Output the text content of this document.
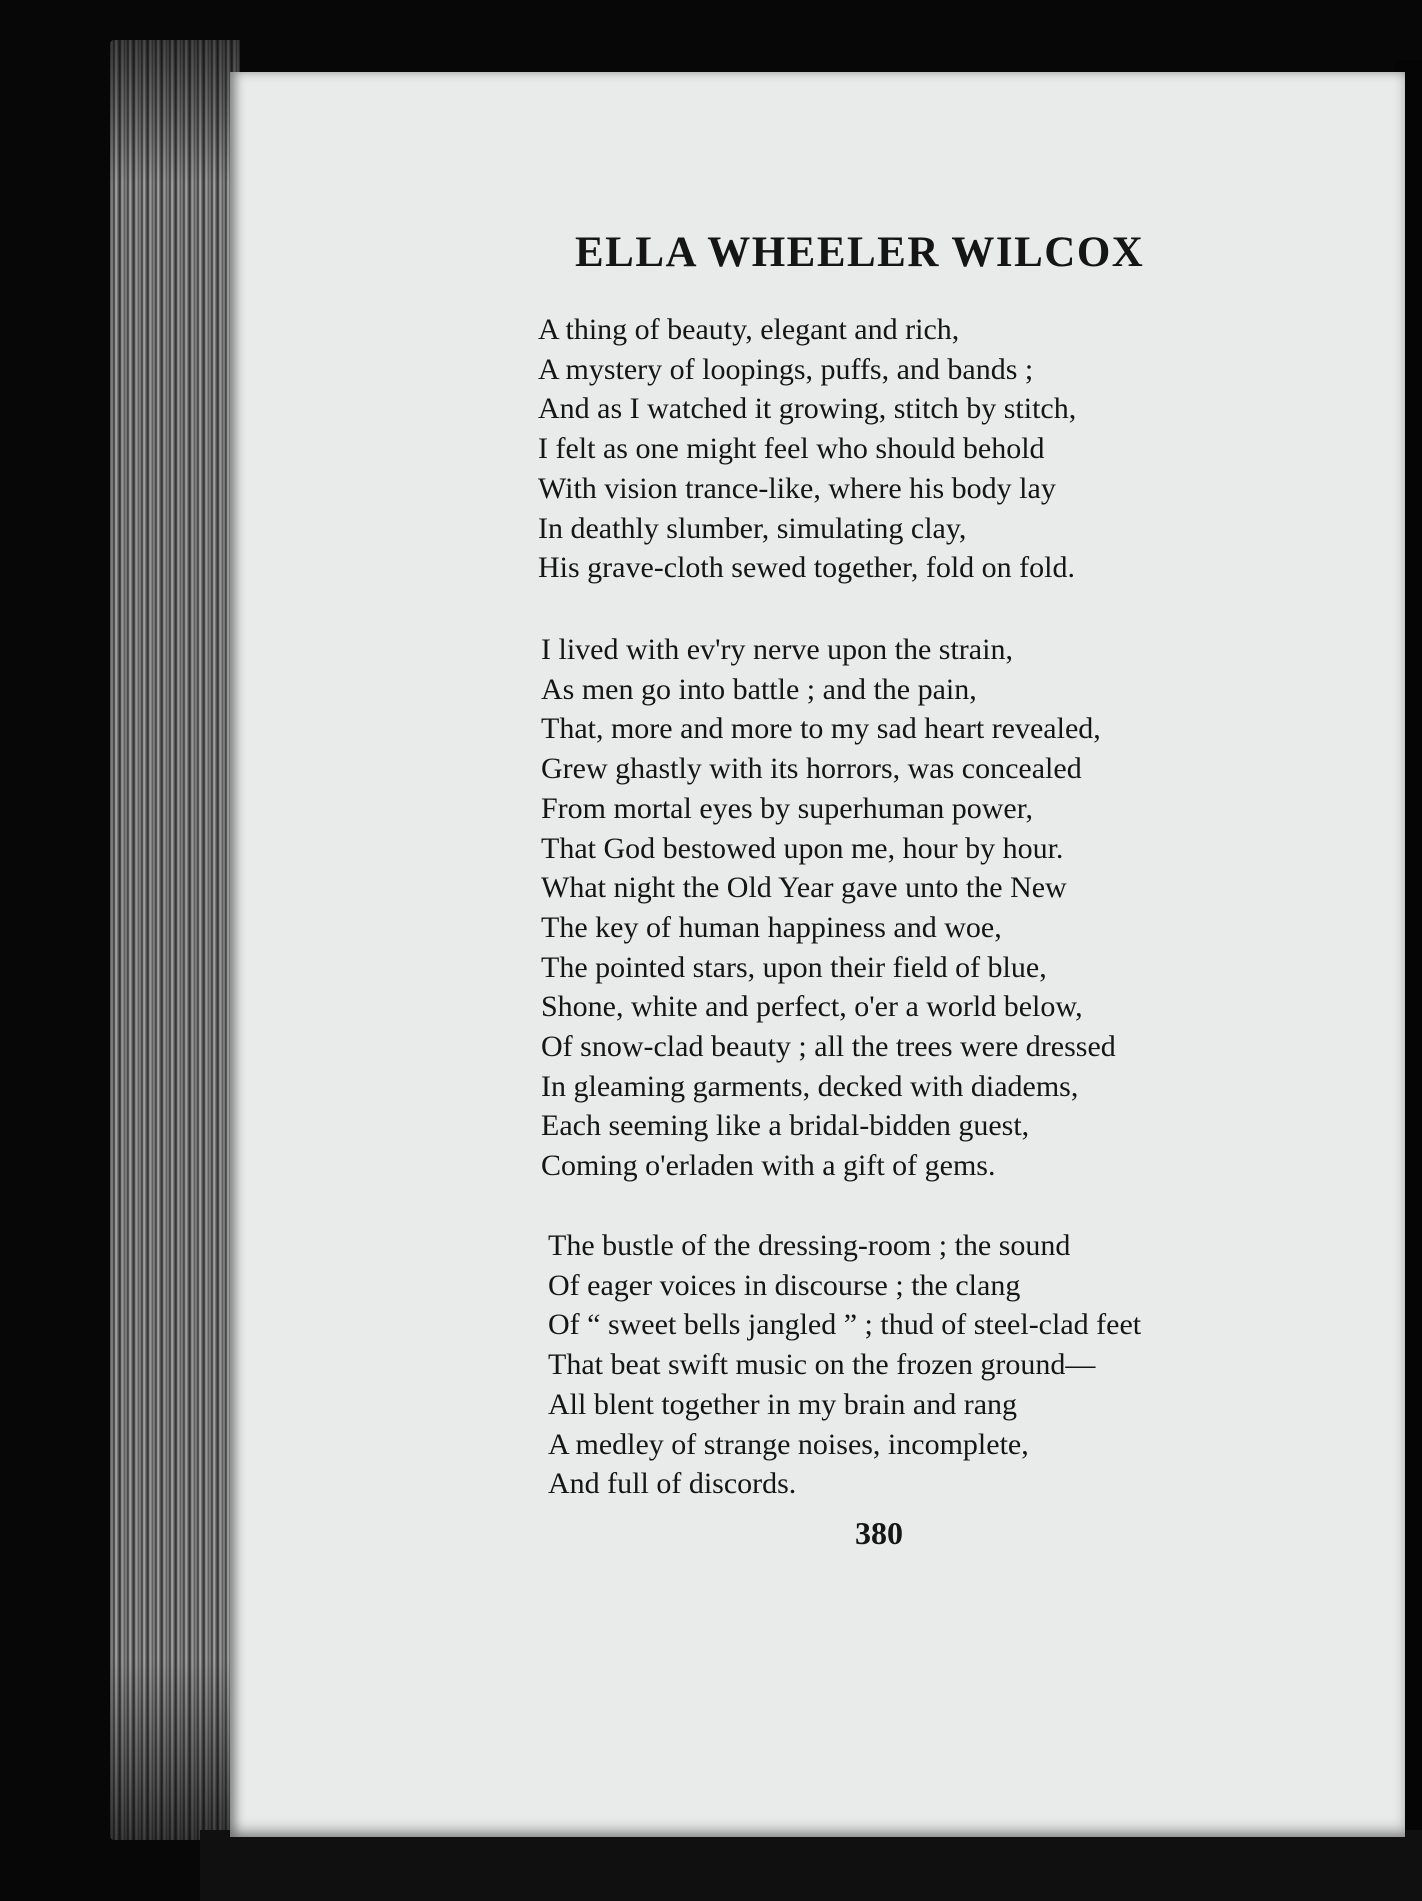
ELLA WHEELER WILCOX
A thing of beauty, elegant and rich,
A mystery of loopings, puffs, and bands ;
And as I watched it growing, stitch by stitch,
I felt as one might feel who should behold
With vision trance-like, where his body lay
In deathly slumber, simulating clay,
His grave-cloth sewed together, fold on fold.
I lived with ev'ry nerve upon the strain,
As men go into battle ; and the pain,
That, more and more to my sad heart revealed,
Grew ghastly with its horrors, was concealed
From mortal eyes by superhuman power,
That God bestowed upon me, hour by hour.
What night the Old Year gave unto the New
The key of human happiness and woe,
The pointed stars, upon their field of blue,
Shone, white and perfect, o'er a world below,
Of snow-clad beauty ; all the trees were dressed
In gleaming garments, decked with diadems,
Each seeming like a bridal-bidden guest,
Coming o'erladen with a gift of gems.
The bustle of the dressing-room ; the sound
Of eager voices in discourse ; the clang
Of “ sweet bells jangled ” ; thud of steel-clad feet
That beat swift music on the frozen ground—
All blent together in my brain and rang
A medley of strange noises, incomplete,
And full of discords.
380
